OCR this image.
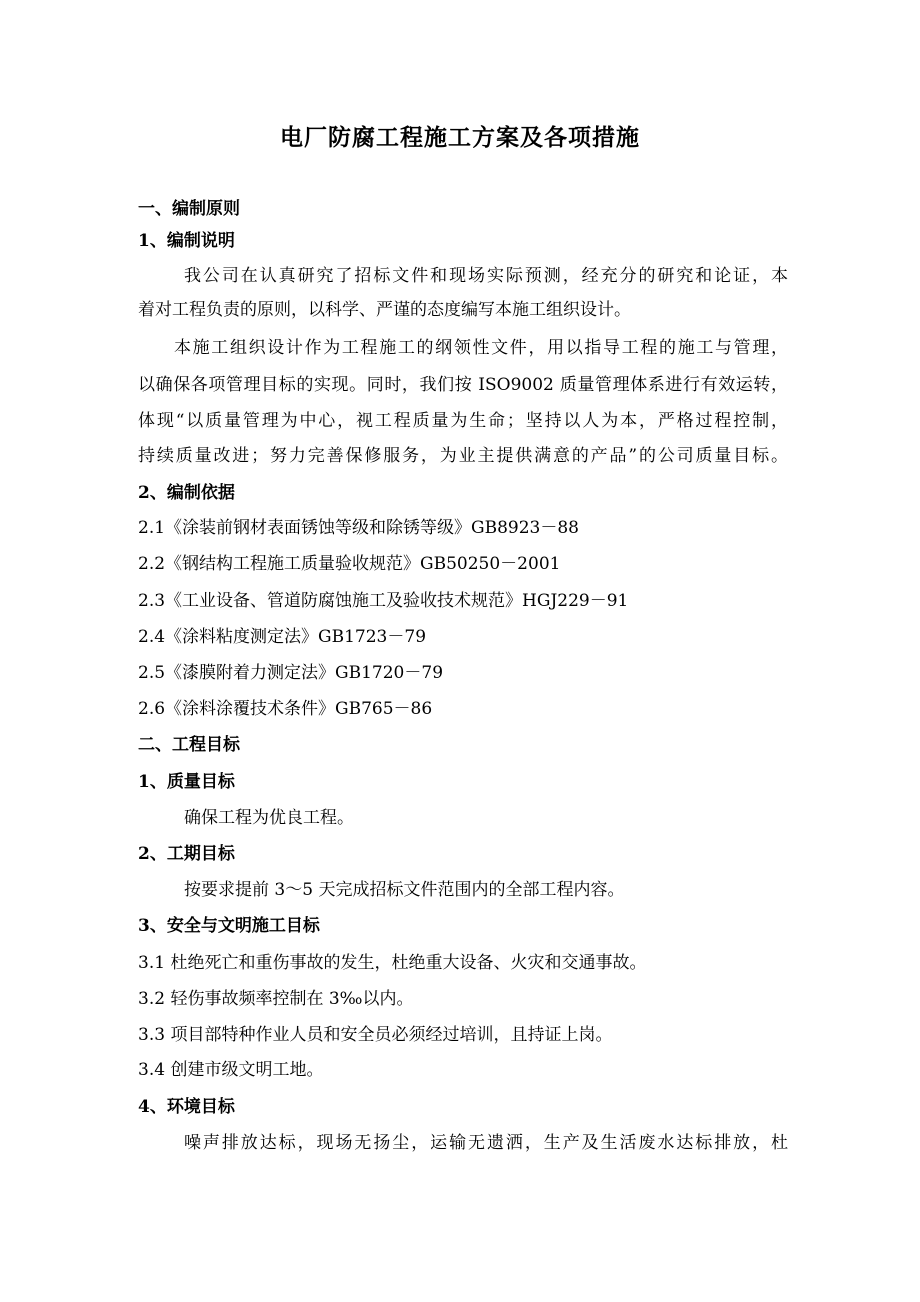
电厂防腐工程施工方案及各项措施
一、编制原则
1、编制说明
我公司在认真研究了招标文件和现场实际预测，经充分的研究和论证，本
着对工程负责的原则，以科学、严谨的态度编写本施工组织设计。
本施工组织设计作为工程施工的纲领性文件，用以指导工程的施工与管理，
以确保各项管理目标的实现。同时，我们按 ISO9002 质量管理体系进行有效运转，
体现“以质量管理为中心，视工程质量为生命；坚持以人为本，严格过程控制，
持续质量改进；努力完善保修服务，为业主提供满意的产品”的公司质量目标。
2、编制依据
2.1《涂装前钢材表面锈蚀等级和除锈等级》GB8923－88
2.2《钢结构工程施工质量验收规范》GB50250－2001
2.3《工业设备、管道防腐蚀施工及验收技术规范》HGJ229－91
2.4《涂料粘度测定法》GB1723－79
2.5《漆膜附着力测定法》GB1720－79
2.6《涂料涂覆技术条件》GB765－86
二、工程目标
1、质量目标
确保工程为优良工程。
2、工期目标
按要求提前 3～5 天完成招标文件范围内的全部工程内容。
3、安全与文明施工目标
3.1 杜绝死亡和重伤事故的发生，杜绝重大设备、火灾和交通事故。
3.2 轻伤事故频率控制在 3‰以内。
3.3 项目部特种作业人员和安全员必须经过培训，且持证上岗。
3.4 创建市级文明工地。
4、环境目标
噪声排放达标，现场无扬尘，运输无遗洒，生产及生活废水达标排放，杜
